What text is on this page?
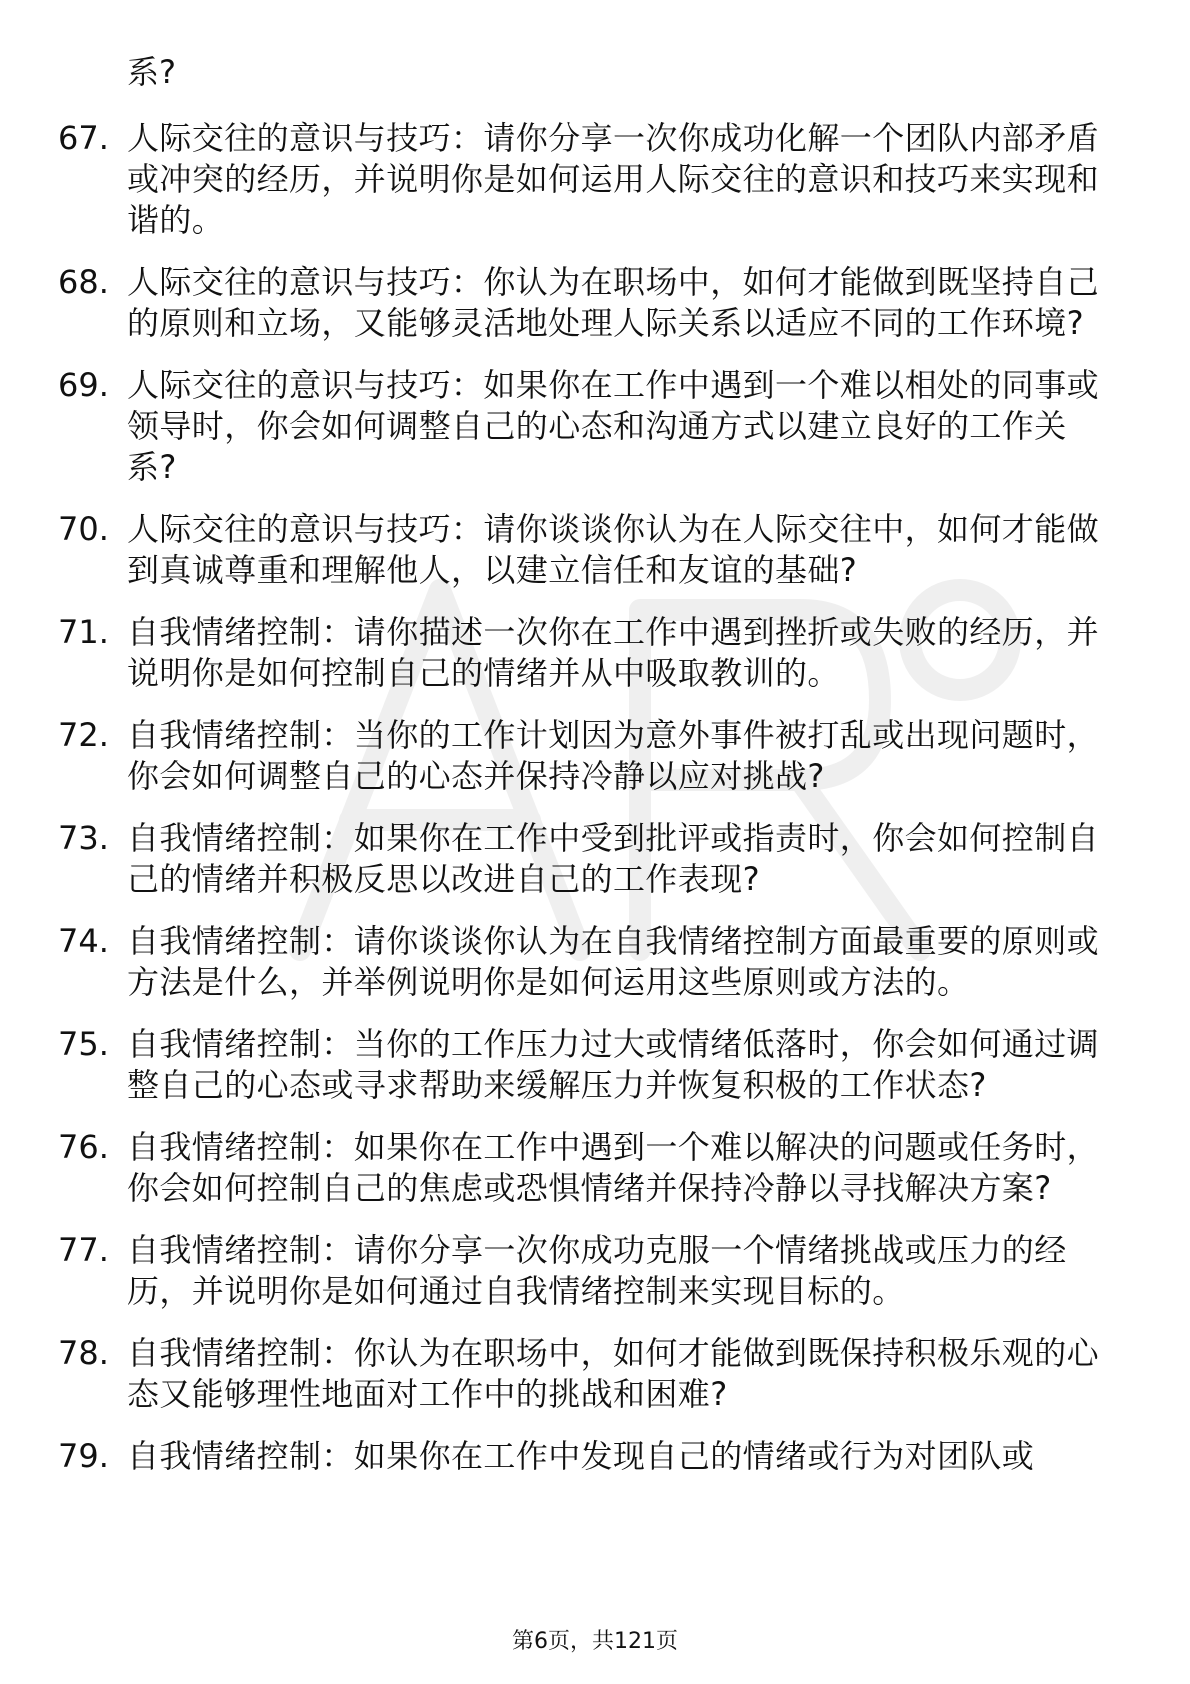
系?
67. 人际交往的意识与技巧：请你分享一次你成功化解一个团队内部矛盾或冲突的经历，并说明你是如何运用人际交往的意识和技巧来实现和谐的。
68. 人际交往的意识与技巧：你认为在职场中，如何才能做到既坚持自己的原则和立场，又能够灵活地处理人际关系以适应不同的工作环境?
69. 人际交往的意识与技巧：如果你在工作中遇到一个难以相处的同事或领导时，你会如何调整自己的心态和沟通方式以建立良好的工作关系?
70. 人际交往的意识与技巧：请你谈谈你认为在人际交往中，如何才能做到真诚尊重和理解他人，以建立信任和友谊的基础?
71. 自我情绪控制：请你描述一次你在工作中遇到挫折或失败的经历，并说明你是如何控制自己的情绪并从中吸取教训的。
72. 自我情绪控制：当你的工作计划因为意外事件被打乱或出现问题时，你会如何调整自己的心态并保持冷静以应对挑战?
73. 自我情绪控制：如果你在工作中受到批评或指责时，你会如何控制自己的情绪并积极反思以改进自己的工作表现?
74. 自我情绪控制：请你谈谈你认为在自我情绪控制方面最重要的原则或方法是什么，并举例说明你是如何运用这些原则或方法的。
75. 自我情绪控制：当你的工作压力过大或情绪低落时，你会如何通过调整自己的心态或寻求帮助来缓解压力并恢复积极的工作状态?
76. 自我情绪控制：如果你在工作中遇到一个难以解决的问题或任务时，你会如何控制自己的焦虑或恐惧情绪并保持冷静以寻找解决方案?
77. 自我情绪控制：请你分享一次你成功克服一个情绪挑战或压力的经历，并说明你是如何通过自我情绪控制来实现目标的。
78. 自我情绪控制：你认为在职场中，如何才能做到既保持积极乐观的心态又能够理性地面对工作中的挑战和困难?
79. 自我情绪控制：如果你在工作中发现自己的情绪或行为对团队或
第6页，共121页
